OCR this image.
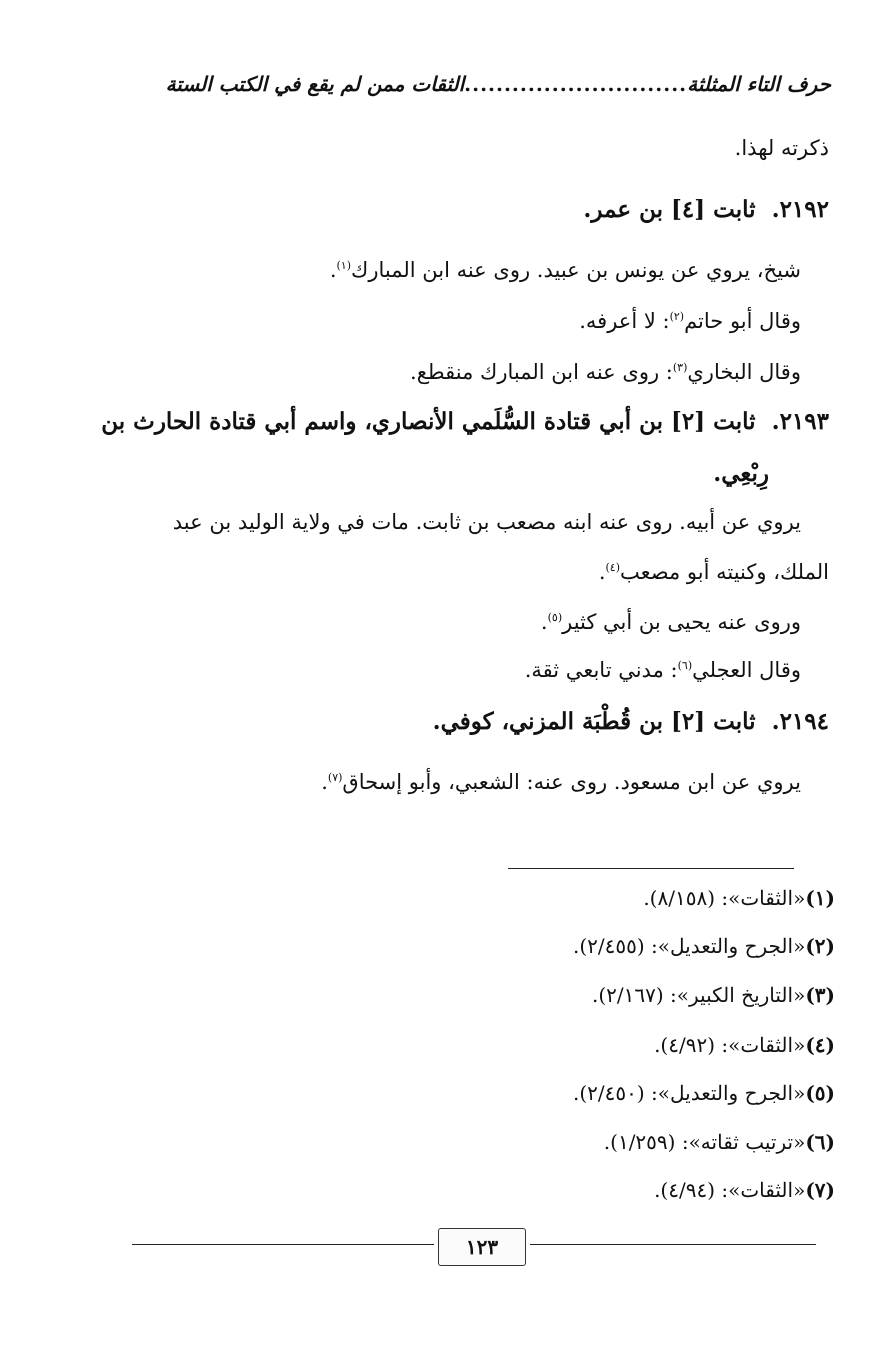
حرف التاء المثلثة
............................
الثقات ممن لم يقع في الكتب الستة
ذكرته لهذا.
٢١٩٢.ثابت [٤] بن عمر.
شيخ، يروي عن يونس بن عبيد. روى عنه ابن المبارك$^{(١)}$.
وقال أبو حاتم$^{(٢)}$: لا أعرفه.
وقال البخاري$^{(٣)}$: روى عنه ابن المبارك منقطع.
٢١٩٣.ثابت [٢] بن أبي قتادة السُّلَمي الأنصاري، واسم أبي قتادة الحارث بن
رِبْعِي.
يروي عن أبيه. روى عنه ابنه مصعب بن ثابت. مات في ولاية الوليد بن عبد
الملك، وكنيته أبو مصعب$^{(٤)}$.
وروى عنه يحيى بن أبي كثير$^{(٥)}$.
وقال العجلي$^{(٦)}$: مدني تابعي ثقة.
٢١٩٤.ثابت [٢] بن قُطْبَة المزني، كوفي.
يروي عن ابن مسعود. روى عنه: الشعبي، وأبو إسحاق$^{(٧)}$.
(١)«الثقات»: (٨/١٥٨).
(٢)«الجرح والتعديل»: (٢/٤٥٥).
(٣)«التاريخ الكبير»: (٢/١٦٧).
(٤)«الثقات»: (٤/٩٢).
(٥)«الجرح والتعديل»: (٢/٤٥٠).
(٦)«ترتيب ثقاته»: (١/٢٥٩).
(٧)«الثقات»: (٤/٩٤).
١٢٣
